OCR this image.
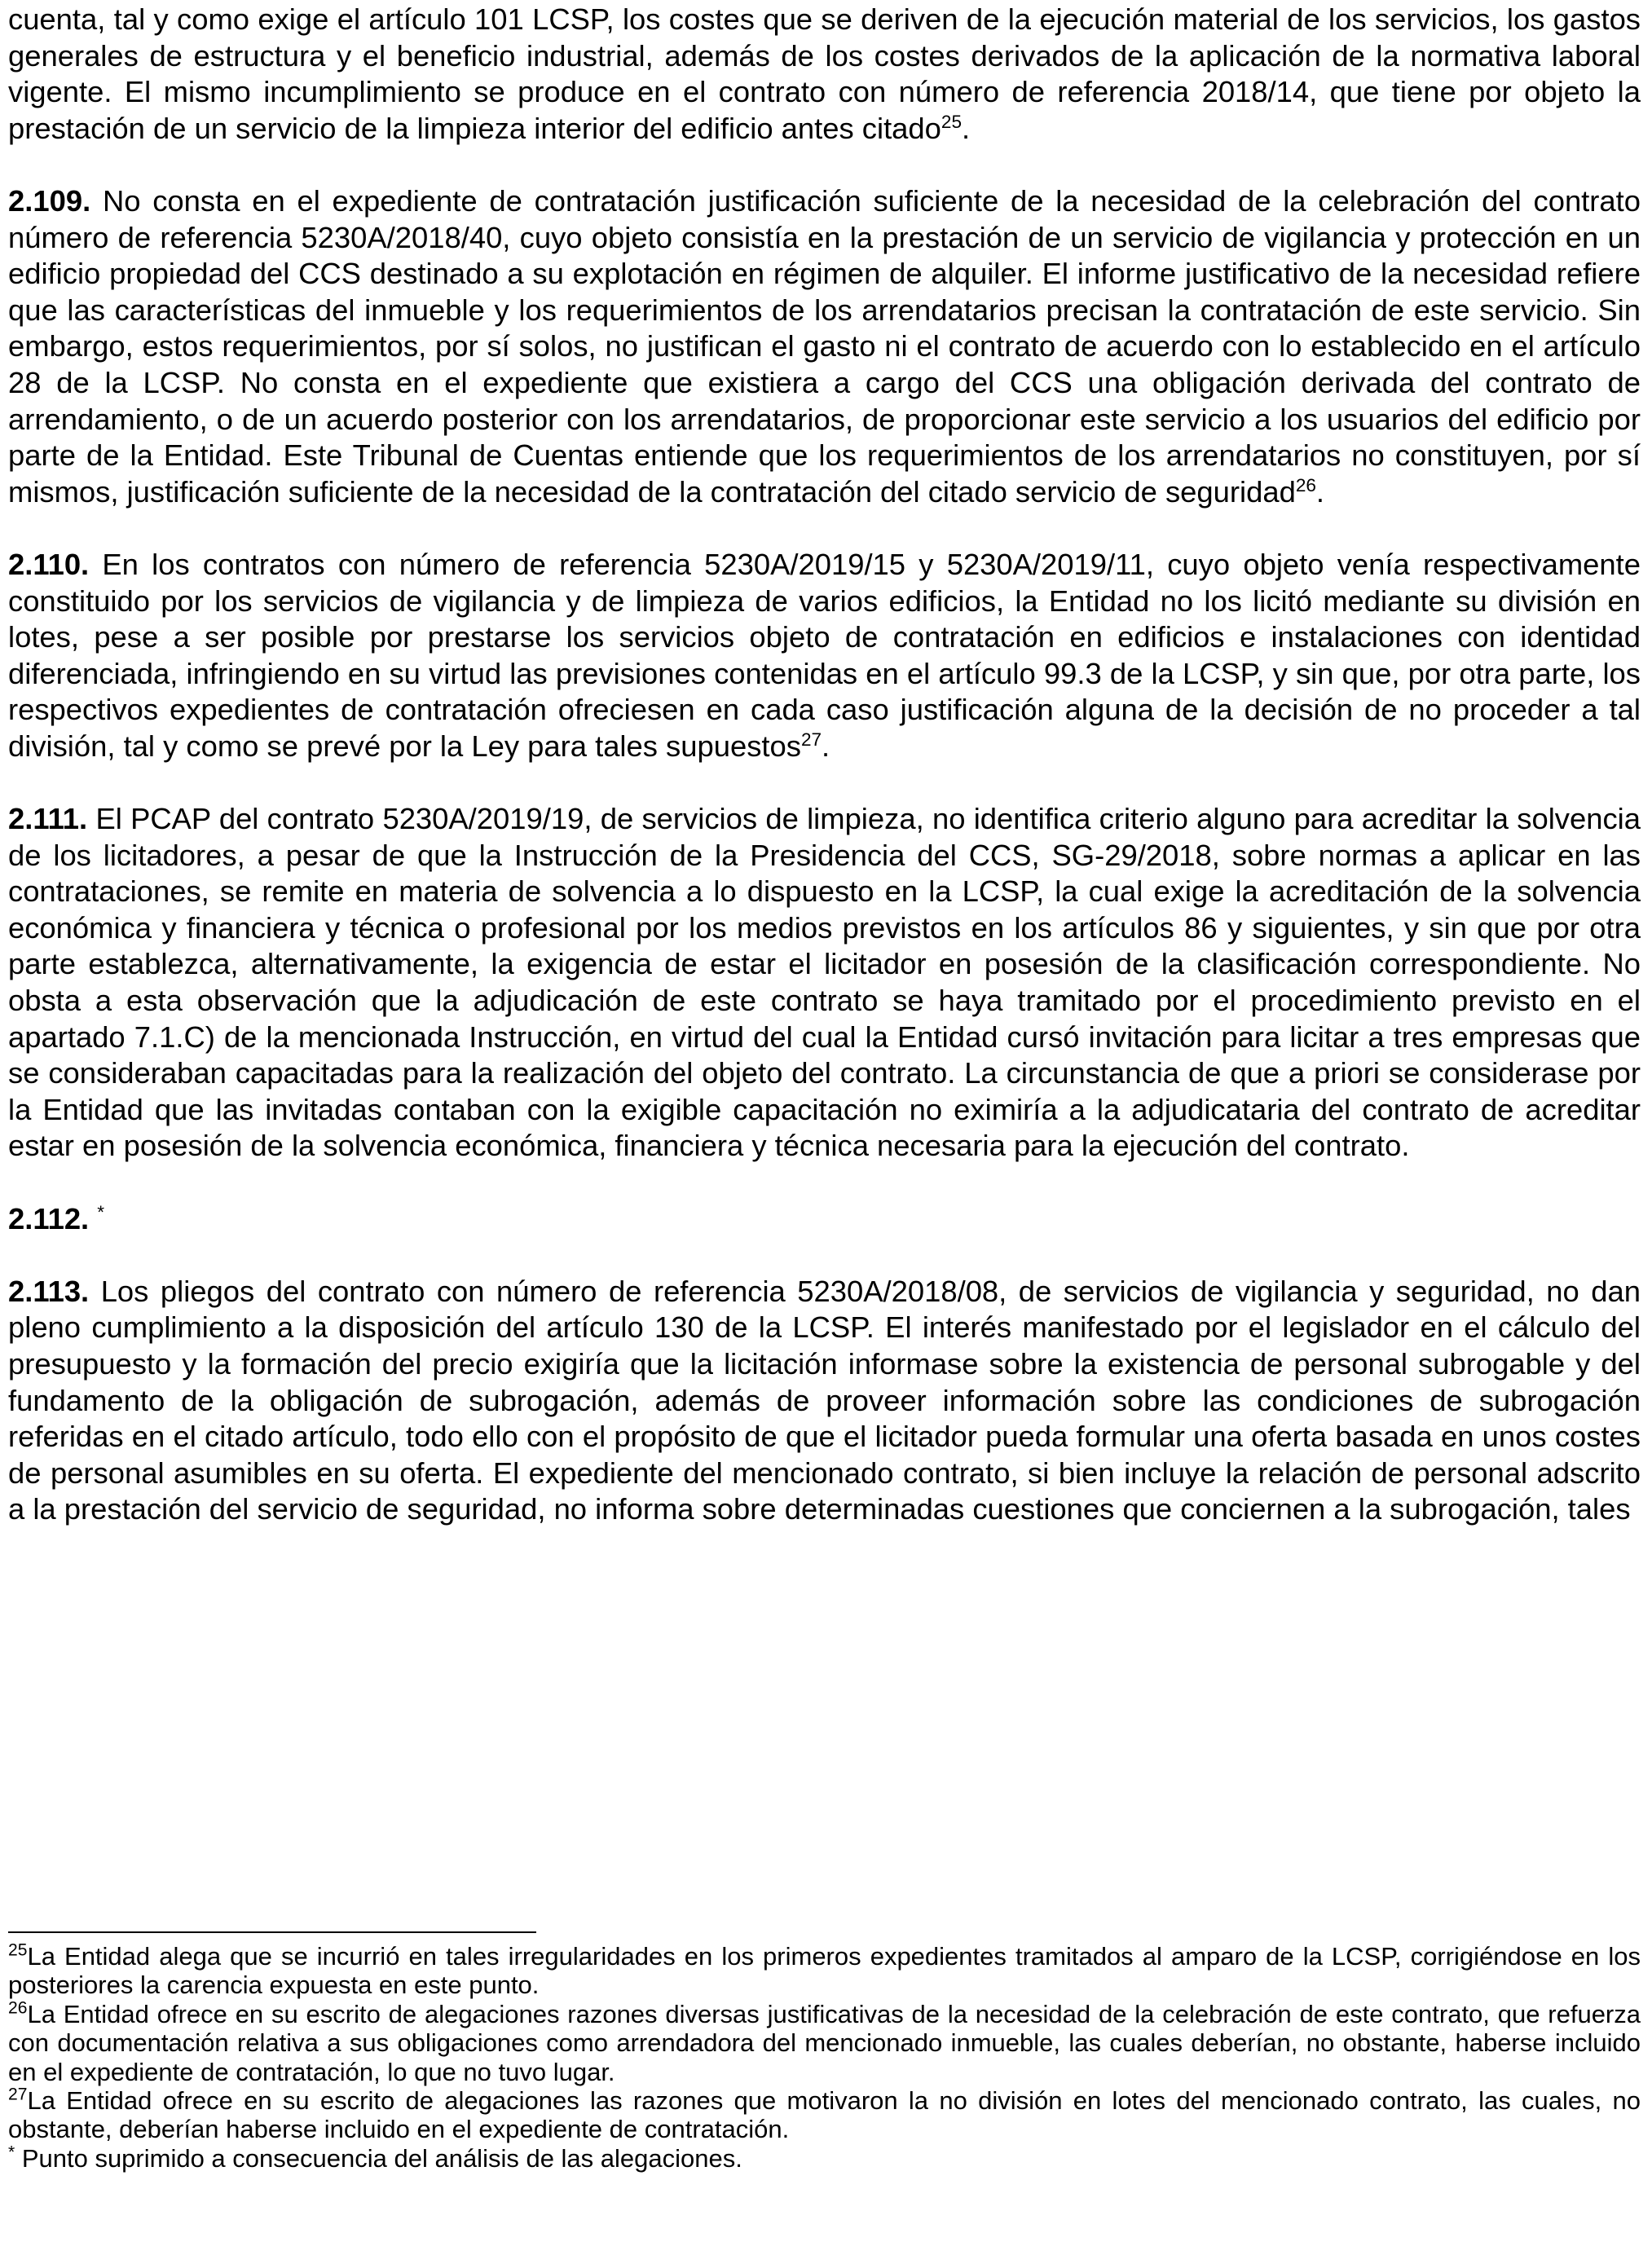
cuenta, tal y como exige el artículo 101 LCSP, los costes que se deriven de la ejecución material de los servicios, los gastos generales de estructura y el beneficio industrial, además de los costes derivados de la aplicación de la normativa laboral vigente. El mismo incumplimiento se produce en el contrato con número de referencia 2018/14, que tiene por objeto la prestación de un servicio de la limpieza interior del edificio antes citado$^{25}$.

2.109. No consta en el expediente de contratación justificación suficiente de la necesidad de la celebración del contrato número de referencia 5230A/2018/40, cuyo objeto consistía en la prestación de un servicio de vigilancia y protección en un edificio propiedad del CCS destinado a su explotación en régimen de alquiler. El informe justificativo de la necesidad refiere que las características del inmueble y los requerimientos de los arrendatarios precisan la contratación de este servicio. Sin embargo, estos requerimientos, por sí solos, no justifican el gasto ni el contrato de acuerdo con lo establecido en el artículo 28 de la LCSP. No consta en el expediente que existiera a cargo del CCS una obligación derivada del contrato de arrendamiento, o de un acuerdo posterior con los arrendatarios, de proporcionar este servicio a los usuarios del edificio por parte de la Entidad. Este Tribunal de Cuentas entiende que los requerimientos de los arrendatarios no constituyen, por sí mismos, justificación suficiente de la necesidad de la contratación del citado servicio de seguridad$^{26}$.

2.110. En los contratos con número de referencia 5230A/2019/15 y 5230A/2019/11, cuyo objeto venía respectivamente constituido por los servicios de vigilancia y de limpieza de varios edificios, la Entidad no los licitó mediante su división en lotes, pese a ser posible por prestarse los servicios objeto de contratación en edificios e instalaciones con identidad diferenciada, infringiendo en su virtud las previsiones contenidas en el artículo 99.3 de la LCSP, y sin que, por otra parte, los respectivos expedientes de contratación ofreciesen en cada caso justificación alguna de la decisión de no proceder a tal división, tal y como se prevé por la Ley para tales supuestos$^{27}$.

2.111. El PCAP del contrato 5230A/2019/19, de servicios de limpieza, no identifica criterio alguno para acreditar la solvencia de los licitadores, a pesar de que la Instrucción de la Presidencia del CCS, SG-29/2018, sobre normas a aplicar en las contrataciones, se remite en materia de solvencia a lo dispuesto en la LCSP, la cual exige la acreditación de la solvencia económica y financiera y técnica o profesional por los medios previstos en los artículos 86 y siguientes, y sin que por otra parte establezca, alternativamente, la exigencia de estar el licitador en posesión de la clasificación correspondiente. No obsta a esta observación que la adjudicación de este contrato se haya tramitado por el procedimiento previsto en el apartado 7.1.C) de la mencionada Instrucción, en virtud del cual la Entidad cursó invitación para licitar a tres empresas que se consideraban capacitadas para la realización del objeto del contrato. La circunstancia de que a priori se considerase por la Entidad que las invitadas contaban con la exigible capacitación no eximiría a la adjudicataria del contrato de acreditar estar en posesión de la solvencia económica, financiera y técnica necesaria para la ejecución del contrato.

2.112. *

2.113. Los pliegos del contrato con número de referencia 5230A/2018/08, de servicios de vigilancia y seguridad, no dan pleno cumplimiento a la disposición del artículo 130 de la LCSP. El interés manifestado por el legislador en el cálculo del presupuesto y la formación del precio exigiría que la licitación informase sobre la existencia de personal subrogable y del fundamento de la obligación de subrogación, además de proveer información sobre las condiciones de subrogación referidas en el citado artículo, todo ello con el propósito de que el licitador pueda formular una oferta basada en unos costes de personal asumibles en su oferta. El expediente del mencionado contrato, si bien incluye la relación de personal adscrito a la prestación del servicio de seguridad, no informa sobre determinadas cuestiones que conciernen a la subrogación, tales

$^{25}$La Entidad alega que se incurrió en tales irregularidades en los primeros expedientes tramitados al amparo de la LCSP, corrigiéndose en los posteriores la carencia expuesta en este punto.

$^{26}$La Entidad ofrece en su escrito de alegaciones razones diversas justificativas de la necesidad de la celebración de este contrato, que refuerza con documentación relativa a sus obligaciones como arrendadora del mencionado inmueble, las cuales deberían, no obstante, haberse incluido en el expediente de contratación, lo que no tuvo lugar.

$^{27}$La Entidad ofrece en su escrito de alegaciones las razones que motivaron la no división en lotes del mencionado contrato, las cuales, no obstante, deberían haberse incluido en el expediente de contratación.

* Punto suprimido a consecuencia del análisis de las alegaciones.
